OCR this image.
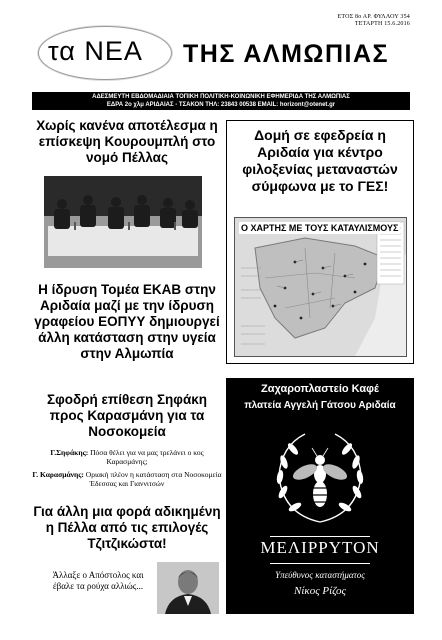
ΕΤΟΣ 8ο ΑΡ. ΦΥΛΛΟΥ 354
ΤΕΤΑΡΤΗ 15.6.2016
τα ΝΕΑ ΤΗΣ ΑΛΜΩΠΙΑΣ
ΑΔΕΣΜΕΥΤΗ ΕΒΔΟΜΑΔΙΑΙΑ ΤΟΠΙΚΗ ΠΟΛΙΤΙΚΗ-ΚΟΙΝΩΝΙΚΗ ΕΦΗΜΕΡΙΔΑ ΤΗΣ ΑΛΜΩΠΙΑΣ
ΕΔΡΑ 2ο χλμ ΑΡΙΔΑΙΑΣ - ΤΣΑΚΟΝ ΤΗΛ: 23843 00538 EMAIL: horizont@otenet.gr
Χωρίς κανένα αποτέλεσμα η επίσκεψη Κουρουμπλή στο νομό Πέλλας
Η ίδρυση Τομέα ΕΚΑΒ στην Αριδαία μαζί με την ίδρυση γραφείου ΕΟΠΥΥ δημιουργεί άλλη κατάσταση στην υγεία στην Αλμωπία
Σφοδρή επίθεση Σηφάκη προς Καρασμάνη για τα Νοσοκομεία

Γ.Σηφάκης: Πόσα θέλει για να μας τρελάνει ο κος Καρασμάνης;

Γ. Καρασμάνης: Οριακή πλέον η κατάσταση στα Νοσοκομεία Έδεσσας και Γιαννιτσών

Για άλλη μια φορά αδικημένη η Πέλλα από τις επιλογές Τζιτζικώστα!
Άλλαξε ο Απόστολος και έβαλε τα ρούχα αλλιώς...
Δομή σε εφεδρεία η Αριδαία για κέντρο φιλοξενίας μεταναστών σύμφωνα με το ΓΕΣ!
Ο ΧΑΡΤΗΣ ΜΕ ΤΟΥΣ ΚΑΤΑΥΛΙΣΜΟΥΣ
Ζαχαροπλαστείο Καφέ
πλατεία Αγγελή Γάτσου Αριδαία
ΜΕΛΙΡΡΥΤΟΝ
Υπεύθυνος καταστήματος
Νίκος Ρίζος
